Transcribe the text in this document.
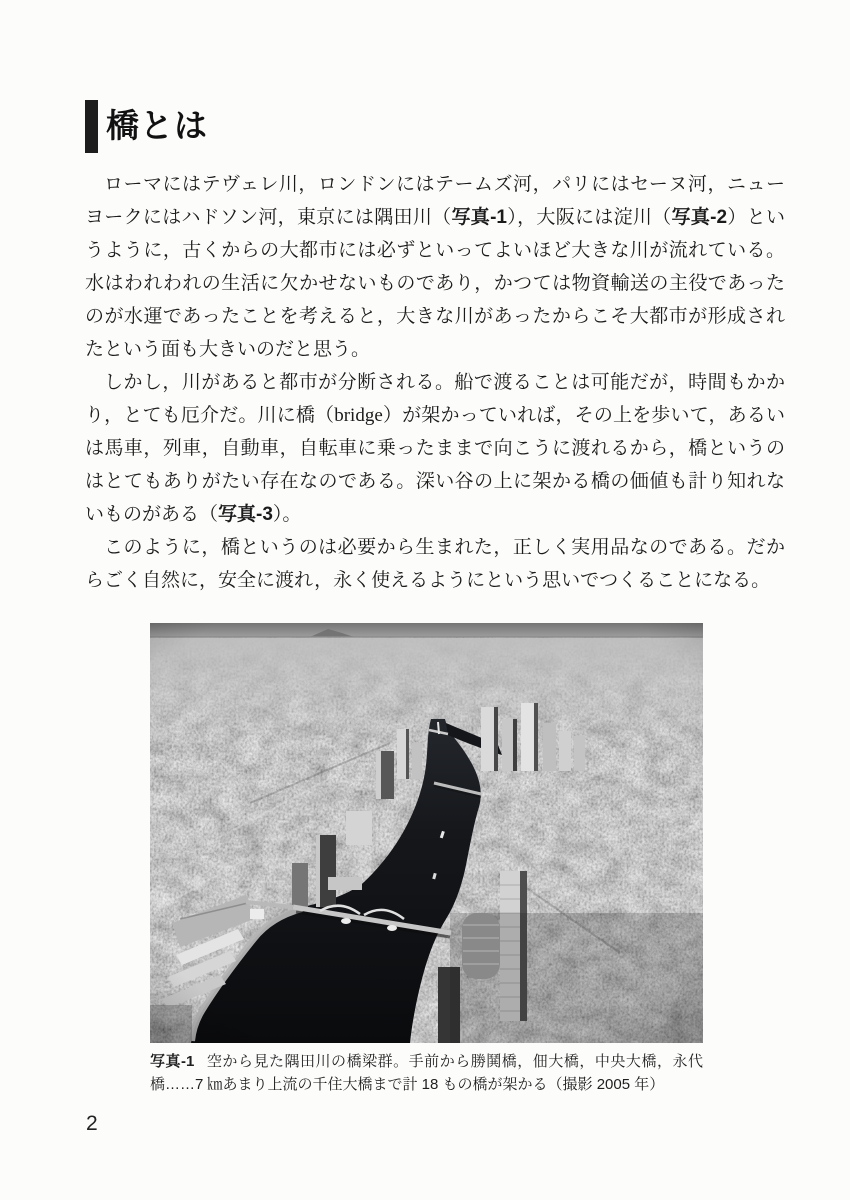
橋とは

ローマにはテヴェレ川，ロンドンにはテームズ河，パリにはセーヌ河，ニューヨークにはハドソン河，東京には隅田川（写真-1），大阪には淀川（写真-2）というように，古くからの大都市には必ずといってよいほど大きな川が流れている。水はわれわれの生活に欠かせないものであり，かつては物資輸送の主役であったのが水運であったことを考えると，大きな川があったからこそ大都市が形成されたという面も大きいのだと思う。

しかし，川があると都市が分断される。船で渡ることは可能だが，時間もかかり，とても厄介だ。川に橋（bridge）が架かっていれば，その上を歩いて，あるいは馬車，列車，自動車，自転車に乗ったままで向こうに渡れるから，橋というのはとてもありがたい存在なのである。深い谷の上に架かる橋の価値も計り知れないものがある（写真-3）。

このように，橋というのは必要から生まれた，正しく実用品なのである。だからごく自然に，安全に渡れ，永く使えるようにという思いでつくることになる。

写真-1 空から見た隅田川の橋梁群。手前から勝鬨橋，佃大橋，中央大橋，永代橋……7 ㎞あまり上流の千住大橋まで計 18 もの橋が架かる（撮影 2005 年）
2
